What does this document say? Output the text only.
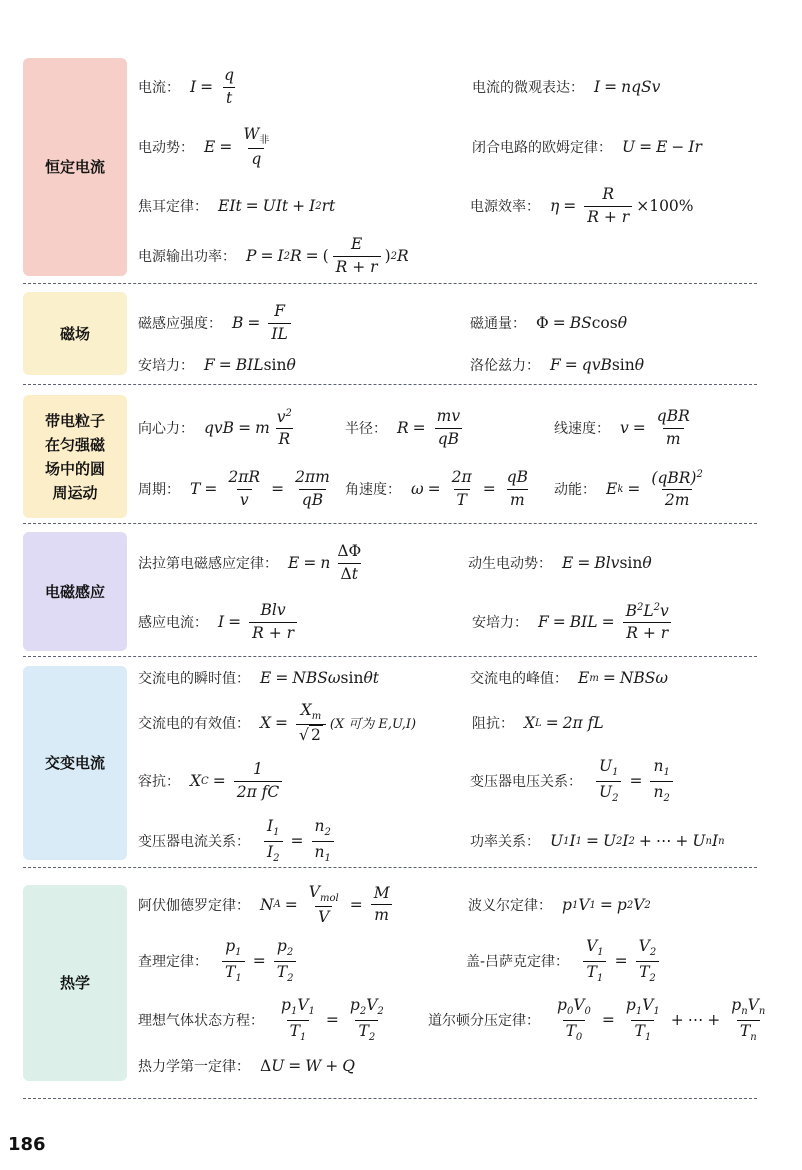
恒定电流
电流： $I = \frac{q}{t}$	电流的微观表达： I = nqSv
电动势： $E = \frac{W_非}{q}$	闭合电路的欧姆定律： U = E − Ir
焦耳定律： EIt = UIt + I 2 rt	电源效率： $\eta = \frac{R}{R + r} \times 100\%$
电源输出功率： P = I 2 R = ( $\frac{E}{R + r}$ ) 2 R
磁场
磁感应强度： $B = \frac{F}{IL}$	磁通量： Φ = BS cos θ
安培力： F = BIL sin θ	洛伦兹力： F = qvB sin θ
带电粒子
在匀强磁
场中的圆
周运动
向心力： qvB = m $\frac{v^2}{R}$	半径： $R = \frac{mv}{qB}$	线速度： $v = \frac{\text{qBR}}{m}$
周期： $T = \frac{2\pi R}{v} = \frac{2\pi m}{qB}$ 角速度： $\omega = \frac{2\pi}{T} = \frac{qB}{m}$ 动能： E $k = \frac{(qBR)^2}{2m}$
电磁感应
法拉第电磁感应定律： E = n $\frac{\Delta\Phi}{\Delta t}$	动生电动势： E = Blv sin θ
感应电流： $I = \frac{\text{Blv}}{R + r}$	安培力： F = BIL = $\frac{B^2L^2v}{R + r}$
交变电流
交流电的瞬时值： E = NBSω sin θt	交流电的峰值： E m = NBSω
交流电的有效值： $X = \frac{X_m}{√ 2} (X$ 可为 E,U,I)	阻抗： X L = 2π fL
容抗： X $C = \frac{1}{\text{2π fC}}$	变压器电压关系： $\frac{U_1}{U_2} = \frac{n_1}{n_2}$
变压器电流关系： $\frac{I_1}{I_2} = \frac{n_2}{n_1}$	功率关系： U 1 I 1 = U 2 I 2 + ⋯ + U n I n
热学
阿伏伽德罗定律： N $A = \frac{V_{mol}}{V} = \frac{M}{m}$	波义尔定律： p 1 V 1 = p 2 V 2
查理定律： $\frac{p_1}{T_1} = \frac{p_2}{T_2}$	盖-吕萨克定律： $\frac{V_1}{T_1} = \frac{V_2}{T_2}$
理想气体状态方程： $\frac{p_1V_1}{T_1} = \frac{p_2V_2}{T_2}$	道尔顿分压定律： $\frac{p_0V_0}{T_0} = \frac{p_1V_1}{T_1}$ + ⋯ + $\frac{p_nV_n}{T_n}$
热力学第一定律： Δ U = W + Q
186
